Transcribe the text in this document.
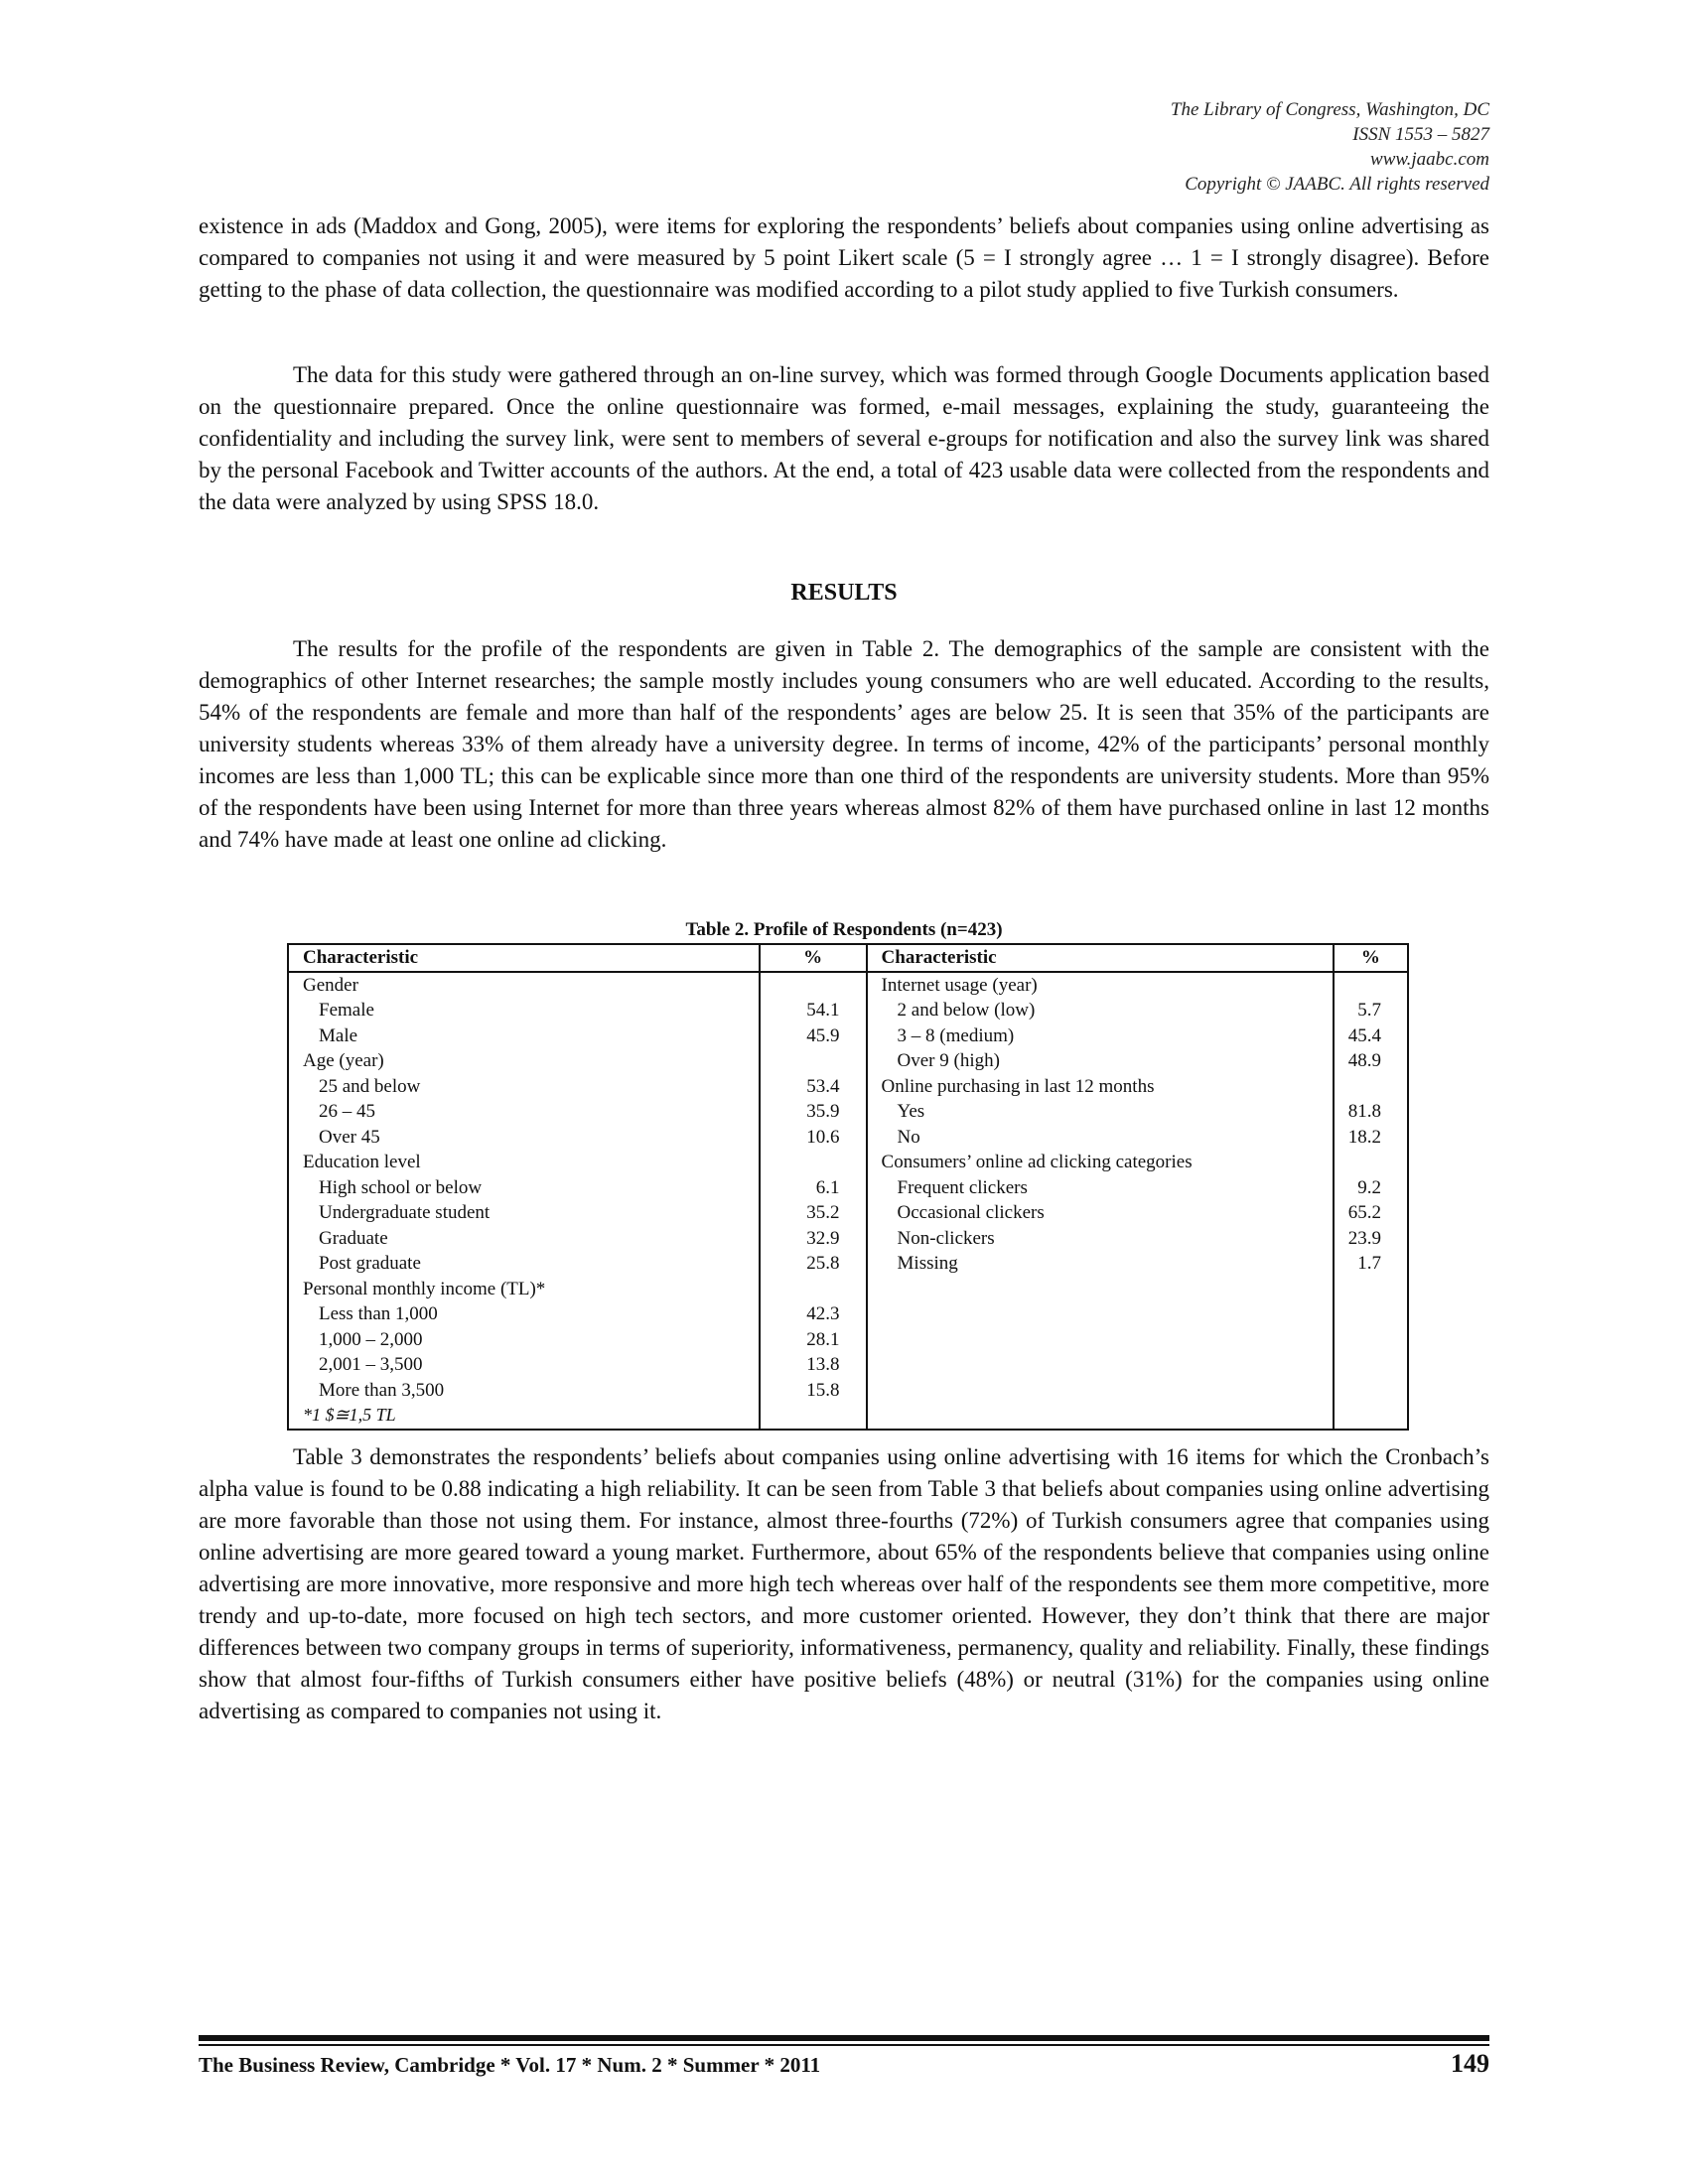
The Library of Congress, Washington, DC
ISSN 1553 – 5827
www.jaabc.com
Copyright © JAABC. All rights reserved

existence in ads (Maddox and Gong, 2005), were items for exploring the respondents’ beliefs about companies using online advertising as compared to companies not using it and were measured by 5 point Likert scale (5 = I strongly agree … 1 = I strongly disagree). Before getting to the phase of data collection, the questionnaire was modified according to a pilot study applied to five Turkish consumers.

The data for this study were gathered through an on-line survey, which was formed through Google Documents application based on the questionnaire prepared. Once the online questionnaire was formed, e-mail messages, explaining the study, guaranteeing the confidentiality and including the survey link, were sent to members of several e-groups for notification and also the survey link was shared by the personal Facebook and Twitter accounts of the authors. At the end, a total of 423 usable data were collected from the respondents and the data were analyzed by using SPSS 18.0.

RESULTS

The results for the profile of the respondents are given in Table 2. The demographics of the sample are consistent with the demographics of other Internet researches; the sample mostly includes young consumers who are well educated. According to the results, 54% of the respondents are female and more than half of the respondents’ ages are below 25. It is seen that 35% of the participants are university students whereas 33% of them already have a university degree. In terms of income, 42% of the participants’ personal monthly incomes are less than 1,000 TL; this can be explicable since more than one third of the respondents are university students. More than 95% of the respondents have been using Internet for more than three years whereas almost 82% of them have purchased online in last 12 months and 74% have made at least one online ad clicking.

Table 2. Profile of Respondents (n=423)
Characteristic	%	Characteristic	%
Gender		Internet usage (year)	
Female	54.1	2 and below (low)	5.7
Male	45.9	3 – 8 (medium)	45.4
Age (year)		Over 9 (high)	48.9
25 and below	53.4	Online purchasing in last 12 months	
26 – 45	35.9	Yes	81.8
Over 45	10.6	No	18.2
Education level		Consumers’ online ad clicking categories	
High school or below	6.1	Frequent clickers	9.2
Undergraduate student	35.2	Occasional clickers	65.2
Graduate	32.9	Non-clickers	23.9
Post graduate	25.8	Missing	1.7
Personal monthly income (TL)*			
Less than 1,000	42.3		
1,000 – 2,000	28.1		
2,001 – 3,500	13.8		
More than 3,500	15.8		
*1 $≅1,5 TL			
The Business Review, Cambridge * Vol. 17 * Num. 2 * Summer * 2011	149

Table 3 demonstrates the respondents’ beliefs about companies using online advertising with 16 items for which the Cronbach’s alpha value is found to be 0.88 indicating a high reliability. It can be seen from Table 3 that beliefs about companies using online advertising are more favorable than those not using them. For instance, almost three-fourths (72%) of Turkish consumers agree that companies using online advertising are more geared toward a young market. Furthermore, about 65% of the respondents believe that companies using online advertising are more innovative, more responsive and more high tech whereas over half of the respondents see them more competitive, more trendy and up-to-date, more focused on high tech sectors, and more customer oriented. However, they don’t think that there are major differences between two company groups in terms of superiority, informativeness, permanency, quality and reliability. Finally, these findings show that almost four-fifths of Turkish consumers either have positive beliefs (48%) or neutral (31%) for the companies using online advertising as compared to companies not using it.
